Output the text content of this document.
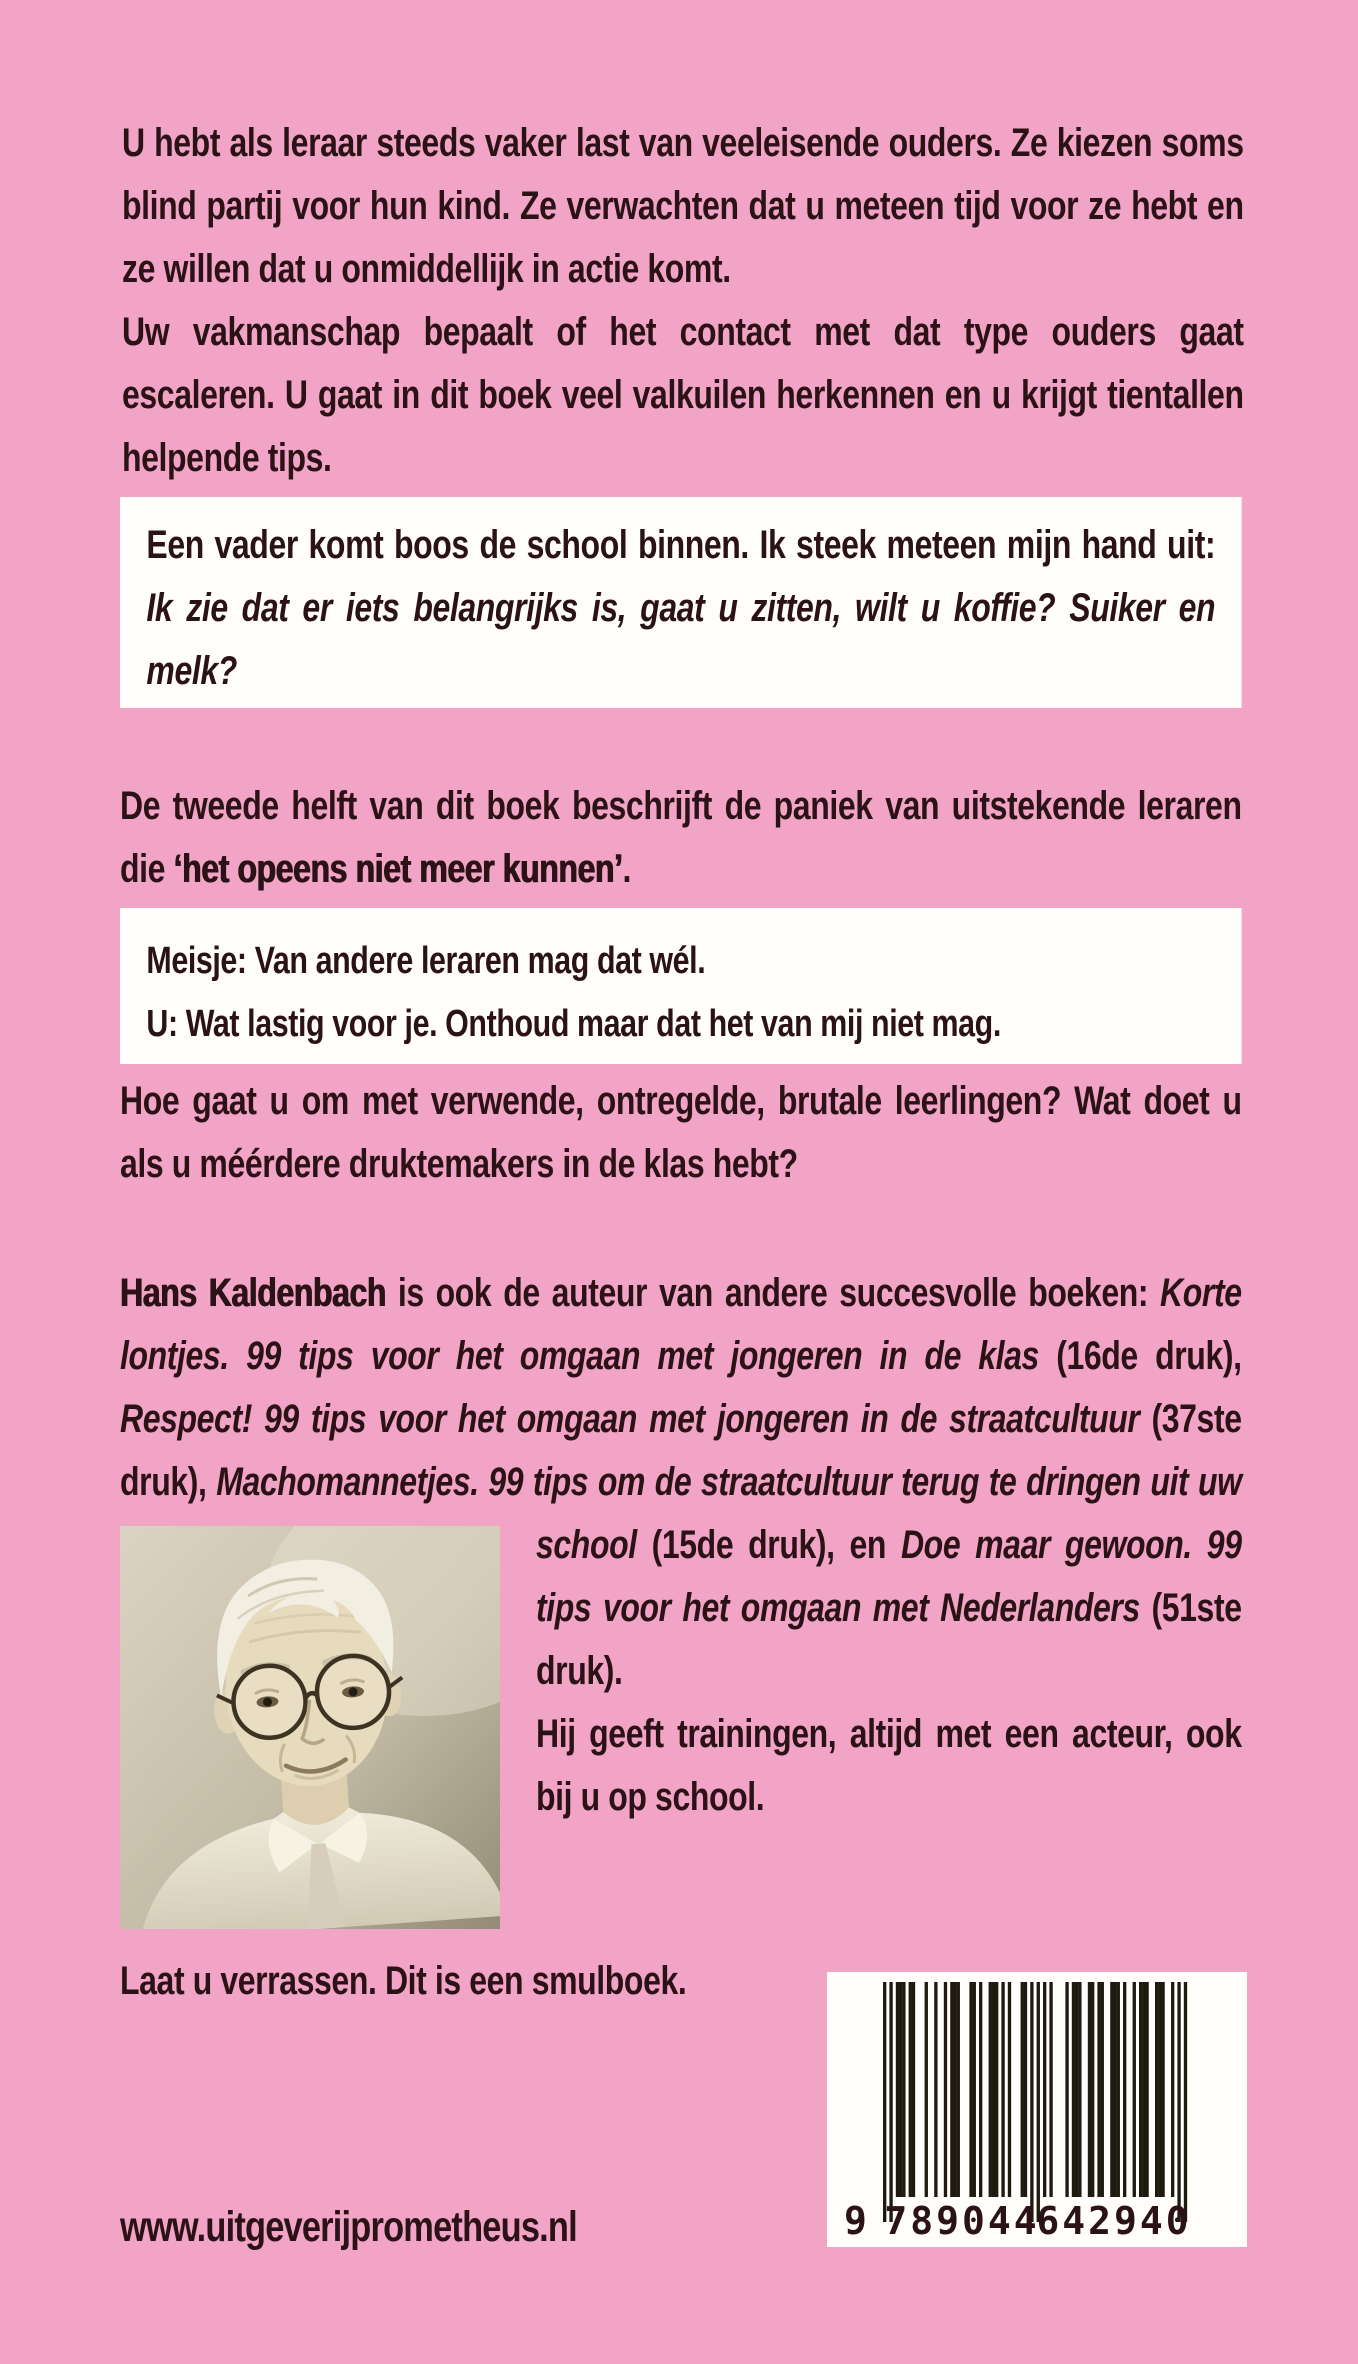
U hebt als leraar steeds vaker last van veeleisende ouders. Ze kiezen soms blind partij voor hun kind. Ze verwachten dat u meteen tijd voor ze hebt en ze willen dat u onmiddellijk in actie komt.

Uw vakmanschap bepaalt of het contact met dat type ouders gaat escaleren. U gaat in dit boek veel valkuilen herkennen en u krijgt tientallen helpende tips.

Een vader komt boos de school binnen. Ik steek meteen mijn hand uit: Ik zie dat er iets belangrijks is, gaat u zitten, wilt u koffie? Suiker en melk?

De tweede helft van dit boek beschrijft de paniek van uitstekende leraren die ‘het opeens niet meer kunnen’.

Meisje: Van andere leraren mag dat wél.

U: Wat lastig voor je. Onthoud maar dat het van mij niet mag.

Hoe gaat u om met verwende, ontregelde, brutale leerlingen? Wat doet u als u méérdere druktemakers in de klas hebt?

Hans Kaldenbach is ook de auteur van andere succesvolle boeken: Korte lontjes. 99 tips voor het omgaan met jongeren in de klas (16de druk), Respect! 99 tips voor het omgaan met jongeren in de straatcultuur (37ste druk), Machomannetjes. 99 tips om de straatcultuur terug te dringen uit uw school (15de druk), en Doe maar gewoon. 99 tips voor het omgaan met Nederlanders (51ste druk).

Hij geeft trainingen, altijd met een acteur, ook bij u op school.

Laat u verrassen. Dit is een smulboek.

9 789044
642940

www.uitgeverijprometheus.nl
